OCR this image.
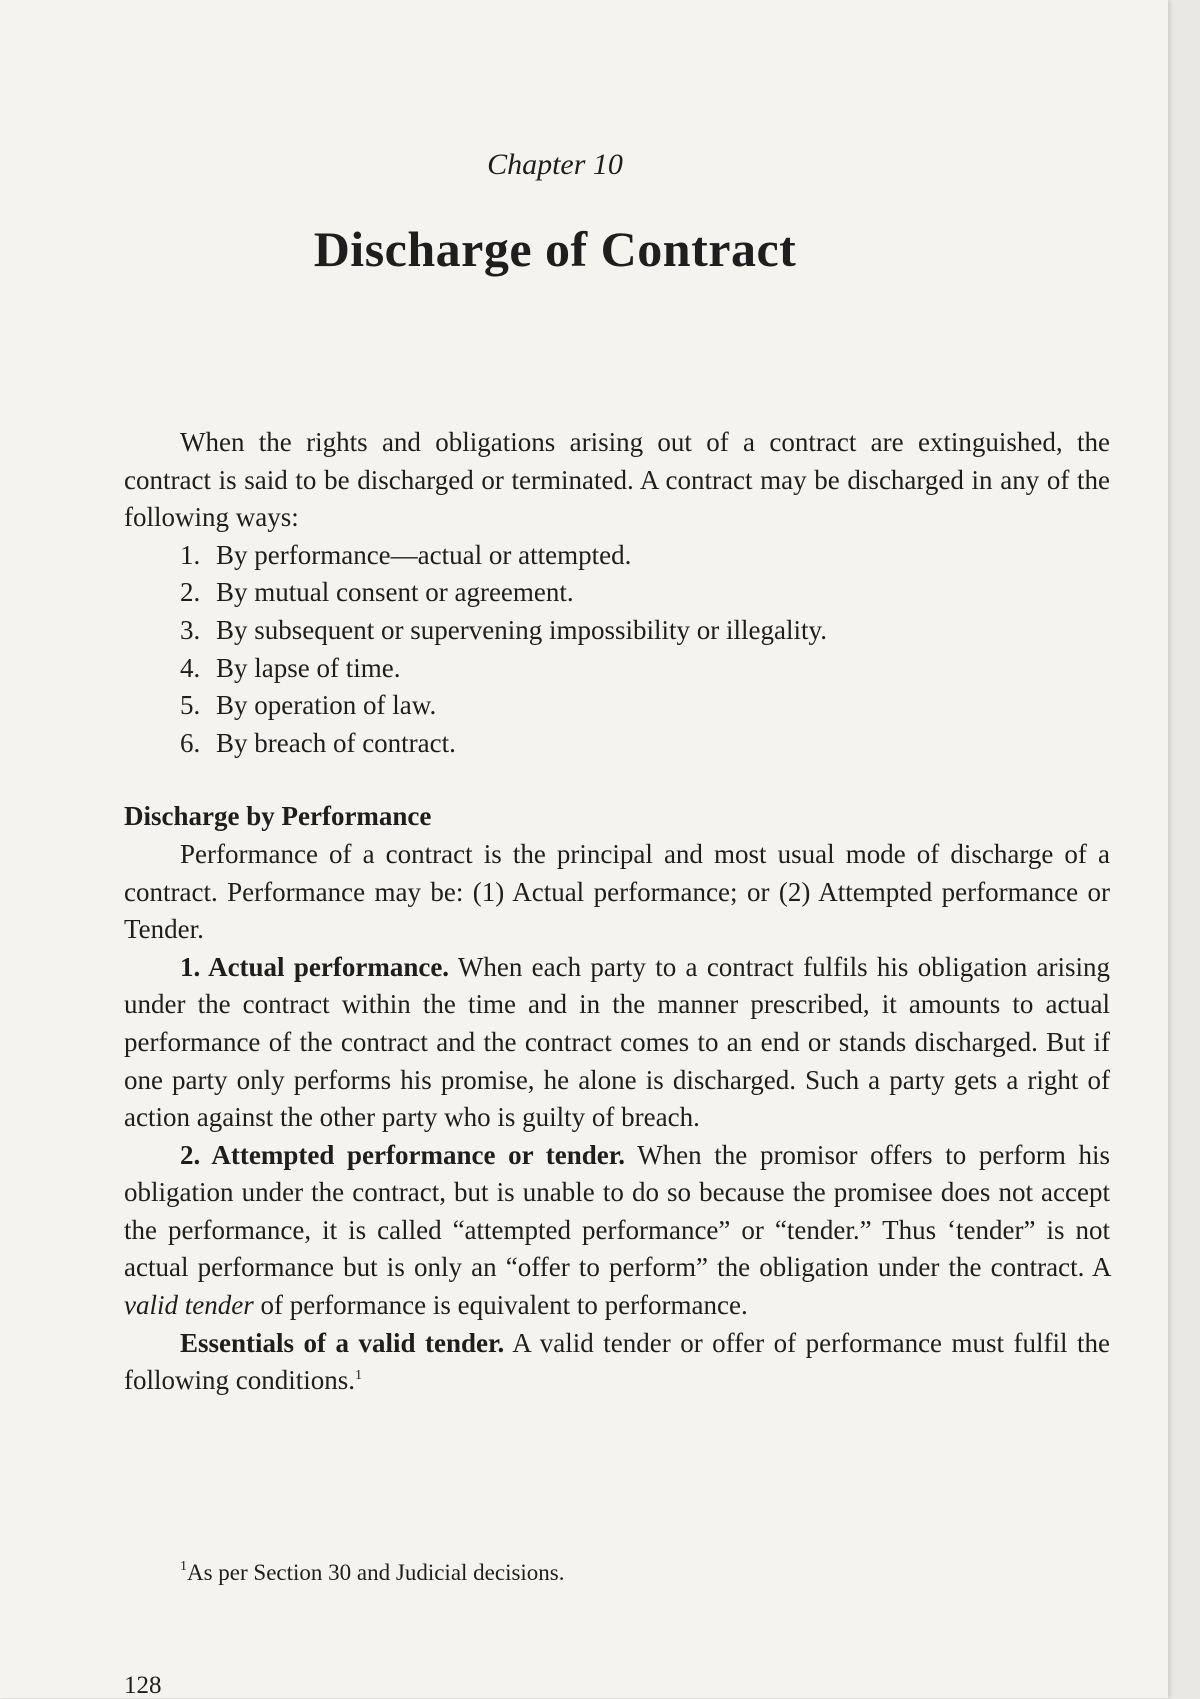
Chapter 10
Discharge of Contract

When the rights and obligations arising out of a contract are extinguished, the contract is said to be discharged or terminated. A contract may be discharged in any of the following ways:

1. By performance—actual or attempted.
2. By mutual consent or agreement.
3. By subsequent or supervening impossibility or illegality.
4. By lapse of time.
5. By operation of law.
6. By breach of contract.
Discharge by Performance

Performance of a contract is the principal and most usual mode of discharge of a contract. Performance may be: (1) Actual performance; or (2) Attempted performance or Tender.

1. Actual performance. When each party to a contract fulfils his obligation arising under the contract within the time and in the manner prescribed, it amounts to actual performance of the contract and the contract comes to an end or stands discharged. But if one party only performs his promise, he alone is discharged. Such a party gets a right of action against the other party who is guilty of breach.

2. Attempted performance or tender. When the promisor offers to perform his obligation under the contract, but is unable to do so because the promisee does not accept the performance, it is called “attempted performance” or “tender.” Thus ‘tender” is not actual performance but is only an “offer to perform” the obligation under the contract. A valid tender of performance is equivalent to performance.

Essentials of a valid tender. A valid tender or offer of performance must fulfil the following conditions.$^1$

$^1$As per Section 30 and Judicial decisions.
128
